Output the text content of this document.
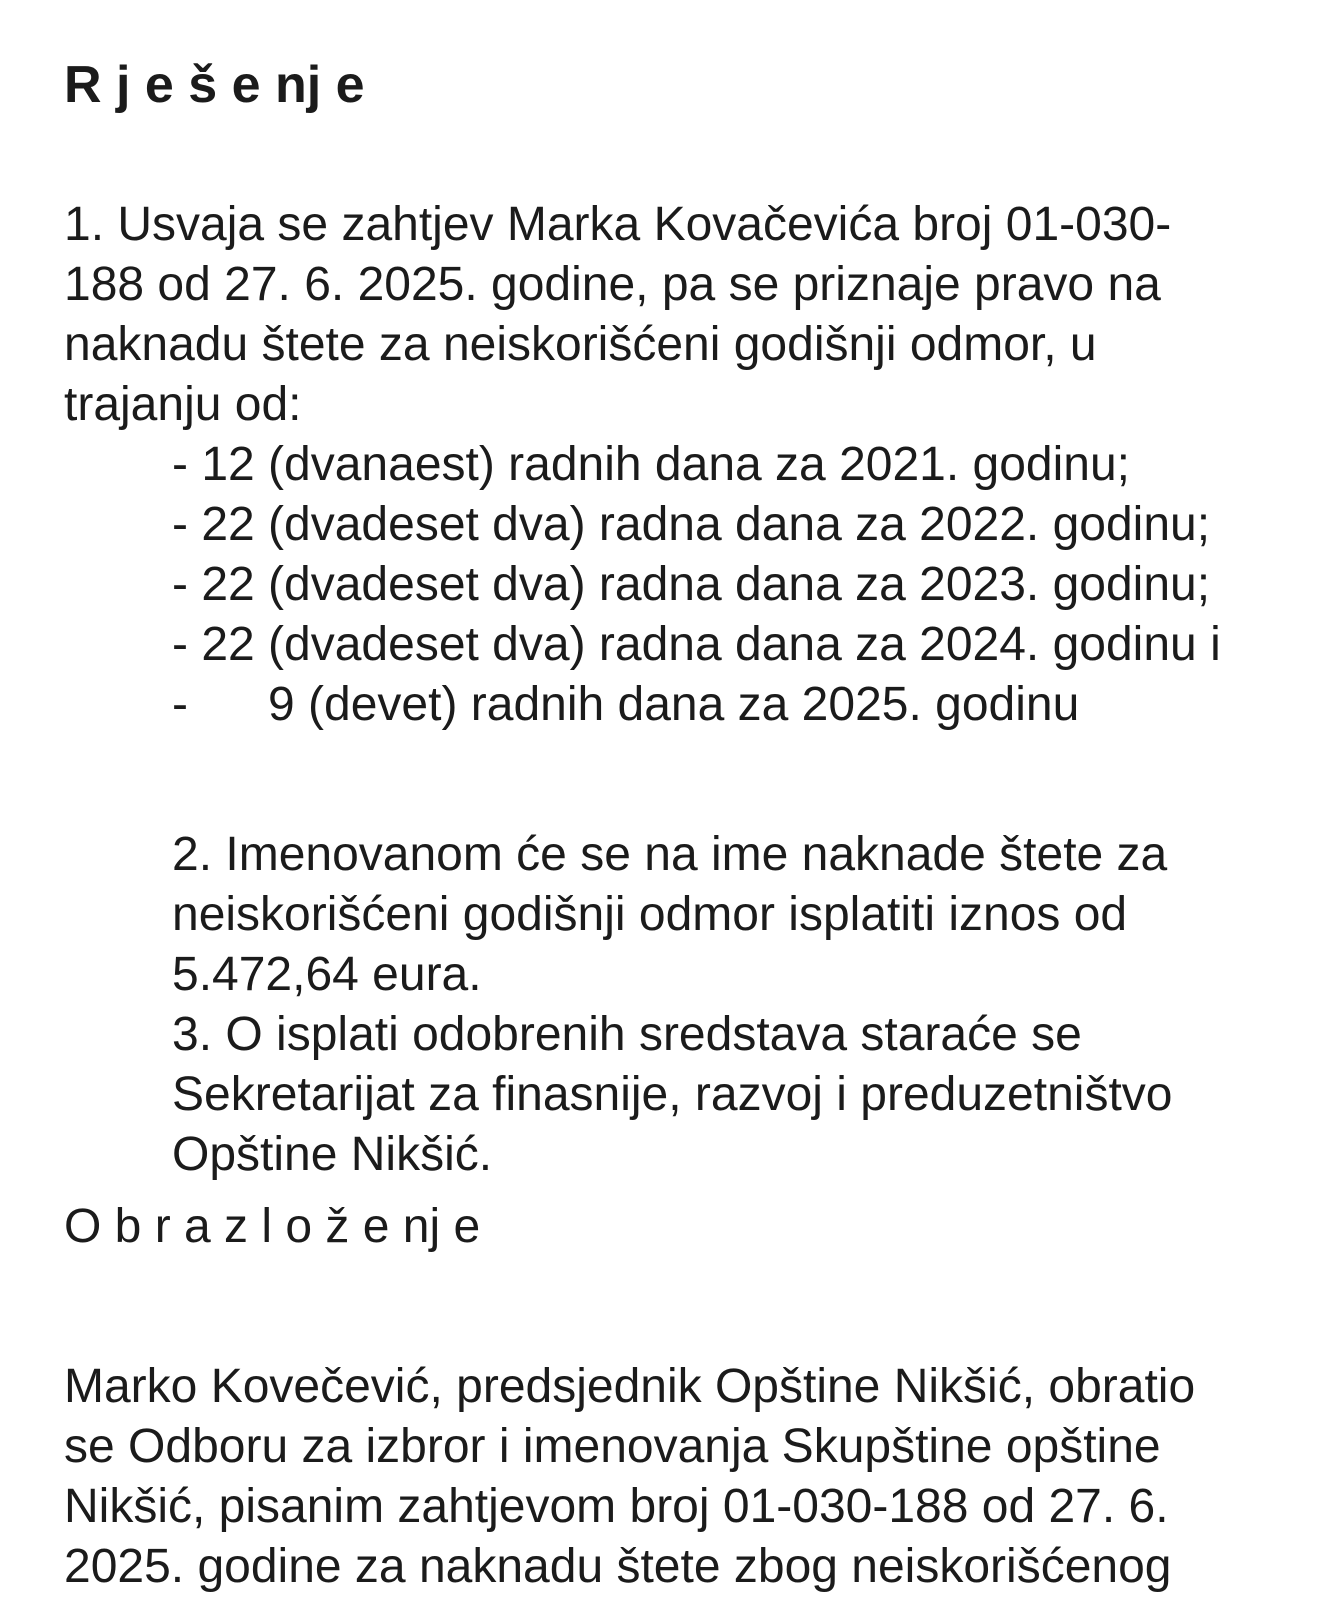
R j e š e nj e
1. Usvaja se zahtjev Marka Kovačevića broj 01-030-
188 od 27. 6. 2025. godine, pa se priznaje pravo na
naknadu štete za neiskorišćeni godišnji odmor, u
trajanju od:
- 12 (dvanaest) radnih dana za 2021. godinu;
- 22 (dvadeset dva) radna dana za 2022. godinu;
- 22 (dvadeset dva) radna dana za 2023. godinu;
- 22 (dvadeset dva) radna dana za 2024. godinu i
-      9 (devet) radnih dana za 2025. godinu
2. Imenovanom će se na ime naknade štete za
neiskorišćeni godišnji odmor isplatiti iznos od
5.472,64 eura.
3. O isplati odobrenih sredstava staraće se
Sekretarijat za finasnije, razvoj i preduzetništvo
Opštine Nikšić.
O b r a z l o ž e nj e
Marko Kovečević, predsjednik Opštine Nikšić, obratio
se Odboru za izbror i imenovanja Skupštine opštine
Nikšić, pisanim zahtjevom broj 01-030-188 od 27. 6.
2025. godine za naknadu štete zbog neiskorišćenog
